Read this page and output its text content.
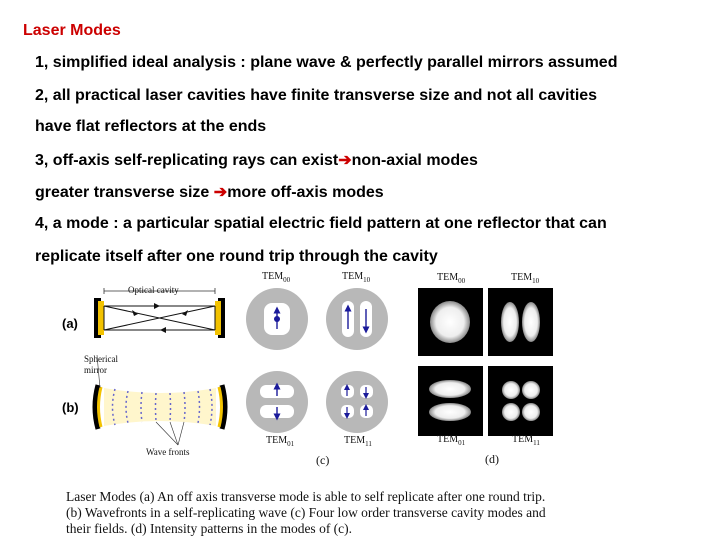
Laser Modes
1, simplified ideal analysis : plane wave & perfectly parallel mirrors assumed
2, all practical laser cavities have finite transverse size and not all cavities
have flat reflectors at the ends
3, off-axis self-replicating rays can exist➔non-axial modes
greater transverse size ➔more off-axis modes
4, a mode : a particular spatial electric field pattern at one reflector that can
replicate itself after one round trip through the cavity
Optical cavity
(a)
Spherical
mirror
(b)
Wave fronts
$TEM_{00}$	$TEM_{10}$
$TEM_{01}$	$TEM_{11}$
(c)
$TEM_{00}$	$TEM_{10}$
$TEM_{01}$	$TEM_{11}$
(d)
Laser Modes (a) An off axis transverse mode is able to self replicate after one round trip. (b) Wavefronts in a self-replicating wave (c) Four low order transverse cavity modes and their fields. (d) Intensity patterns in the modes of (c).
